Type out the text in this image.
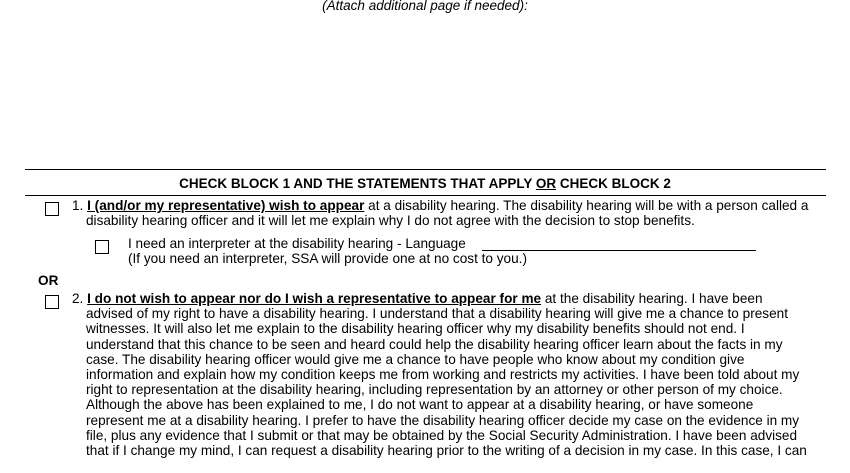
(Attach additional page if needed):
CHECK BLOCK 1 AND THE STATEMENTS THAT APPLY OR CHECK BLOCK 2
1. I (and/or my representative) wish to appear at a disability hearing. The disability hearing will be with a person called a
disability hearing officer and it will let me explain why I do not agree with the decision to stop benefits.
I need an interpreter at the disability hearing - Language
(If you need an interpreter, SSA will provide one at no cost to you.)
OR
2. I do not wish to appear nor do I wish a representative to appear for me at the disability hearing. I have been
advised of my right to have a disability hearing. I understand that a disability hearing will give me a chance to present
witnesses. It will also let me explain to the disability hearing officer why my disability benefits should not end. I
understand that this chance to be seen and heard could help the disability hearing officer learn about the facts in my
case. The disability hearing officer would give me a chance to have people who know about my condition give
information and explain how my condition keeps me from working and restricts my activities. I have been told about my
right to representation at the disability hearing, including representation by an attorney or other person of my choice.
Although the above has been explained to me, I do not want to appear at a disability hearing, or have someone
represent me at a disability hearing. I prefer to have the disability hearing officer decide my case on the evidence in my
file, plus any evidence that I submit or that may be obtained by the Social Security Administration. I have been advised
that if I change my mind, I can request a disability hearing prior to the writing of a decision in my case. In this case, I can
